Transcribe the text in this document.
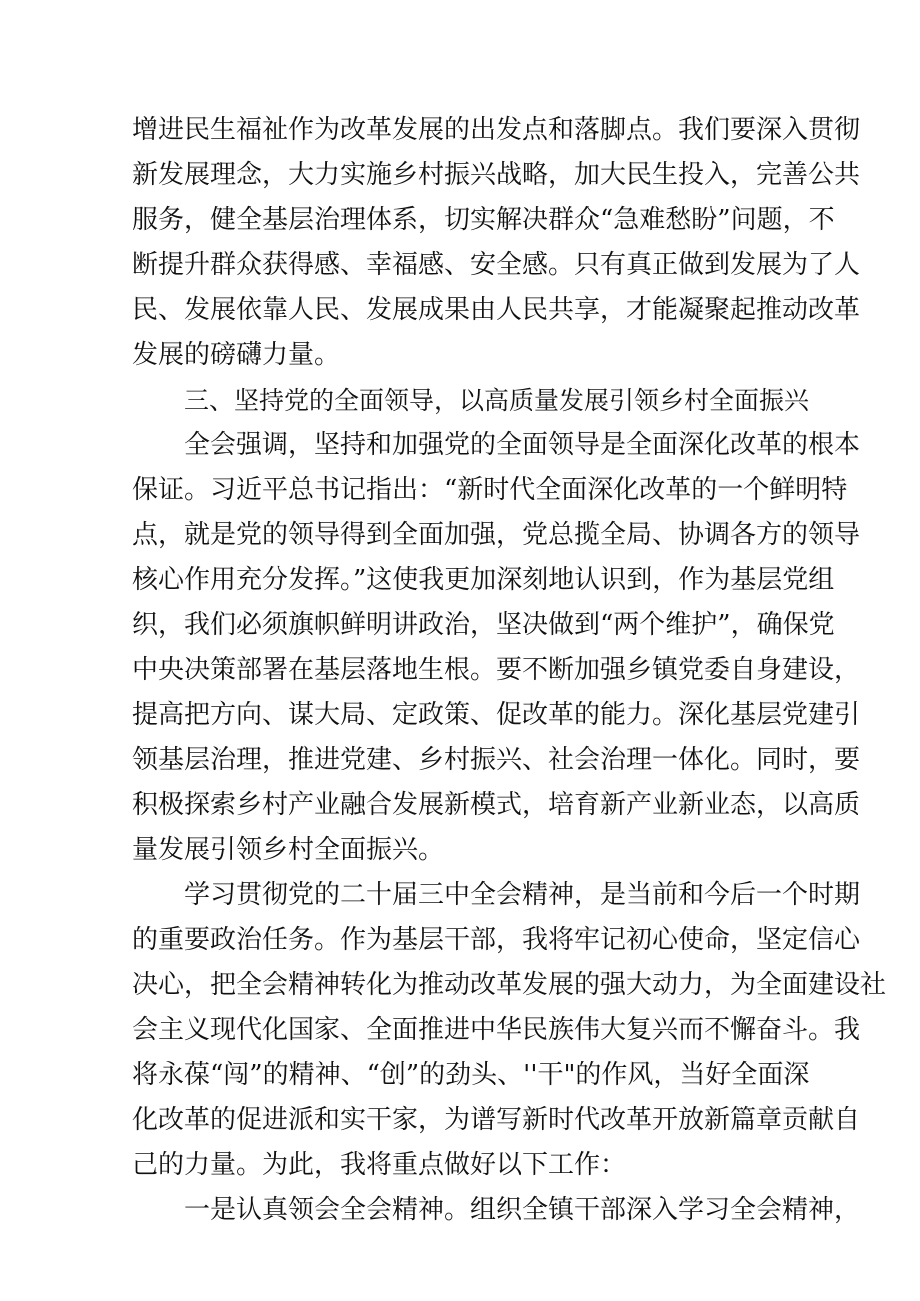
增进民生福祉作为改革发展的出发点和落脚点。我们要深入贯彻
新发展理念，大力实施乡村振兴战略，加大民生投入，完善公共
服务，健全基层治理体系，切实解决群众“急难愁盼”问题，不
断提升群众获得感、幸福感、安全感。只有真正做到发展为了人
民、发展依靠人民、发展成果由人民共享，才能凝聚起推动改革
发展的磅礴力量。
三、坚持党的全面领导，以高质量发展引领乡村全面振兴
全会强调，坚持和加强党的全面领导是全面深化改革的根本
保证。习近平总书记指出：“新时代全面深化改革的一个鲜明特
点，就是党的领导得到全面加强，党总揽全局、协调各方的领导
核心作用充分发挥。”这使我更加深刻地认识到，作为基层党组
织，我们必须旗帜鲜明讲政治，坚决做到“两个维护”，确保党
中央决策部署在基层落地生根。要不断加强乡镇党委自身建设，
提高把方向、谋大局、定政策、促改革的能力。深化基层党建引
领基层治理，推进党建、乡村振兴、社会治理一体化。同时，要
积极探索乡村产业融合发展新模式，培育新产业新业态，以高质
量发展引领乡村全面振兴。
学习贯彻党的二十届三中全会精神，是当前和今后一个时期
的重要政治任务。作为基层干部，我将牢记初心使命，坚定信心
决心，把全会精神转化为推动改革发展的强大动力，为全面建设社
会主义现代化国家、全面推进中华民族伟大复兴而不懈奋斗。我
将永葆“闯”的精神、“创”的劲头、''干"的作风，当好全面深
化改革的促进派和实干家，为谱写新时代改革开放新篇章贡献自
己的力量。为此，我将重点做好以下工作：
一是认真领会全会精神。组织全镇干部深入学习全会精神，
